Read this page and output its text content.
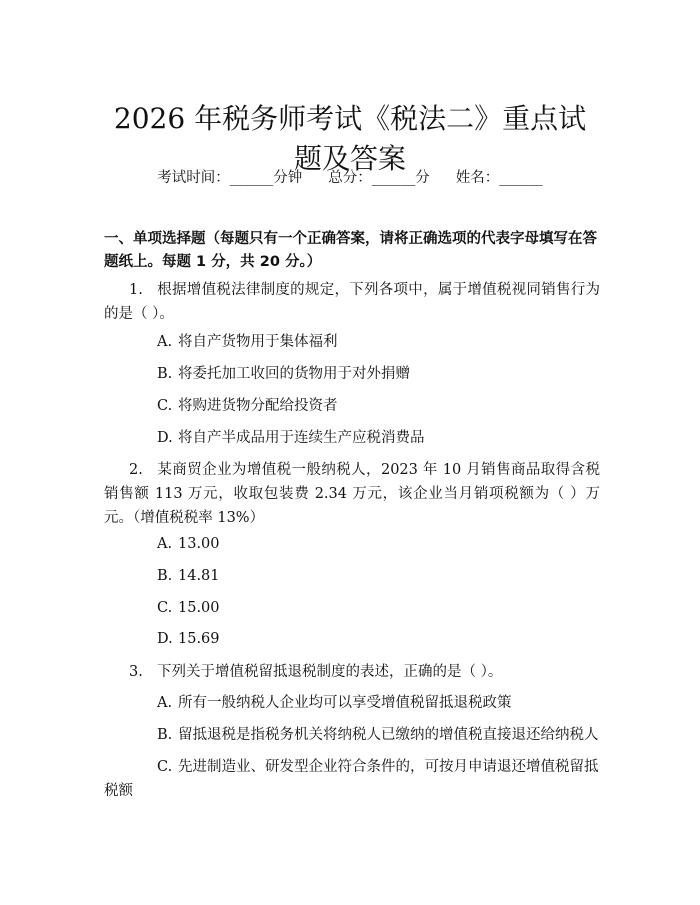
2026 年税务师考试《税法二》重点试题及答案
考试时间：______分钟 总分：______分 姓名：______
一、单项选择题（每题只有一个正确答案，请将正确选项的代表字母填写在答题纸上。每题 1 分，共 20 分。）
1. 根据增值税法律制度的规定，下列各项中，属于增值税视同销售行为的是（ ）。
A. 将自产货物用于集体福利
B. 将委托加工收回的货物用于对外捐赠
C. 将购进货物分配给投资者
D. 将自产半成品用于连续生产应税消费品
2. 某商贸企业为增值税一般纳税人，2023 年 10 月销售商品取得含税销售额 113 万元，收取包装费 2.34 万元，该企业当月销项税额为（ ）万元。（增值税税率 13%）
A. 13.00
B. 14.81
C. 15.00
D. 15.69
3. 下列关于增值税留抵退税制度的表述，正确的是（ ）。
A. 所有一般纳税人企业均可以享受增值税留抵退税政策
B. 留抵退税是指税务机关将纳税人已缴纳的增值税直接退还给纳税人
C. 先进制造业、研发型企业符合条件的，可按月申请退还增值税留抵税额
